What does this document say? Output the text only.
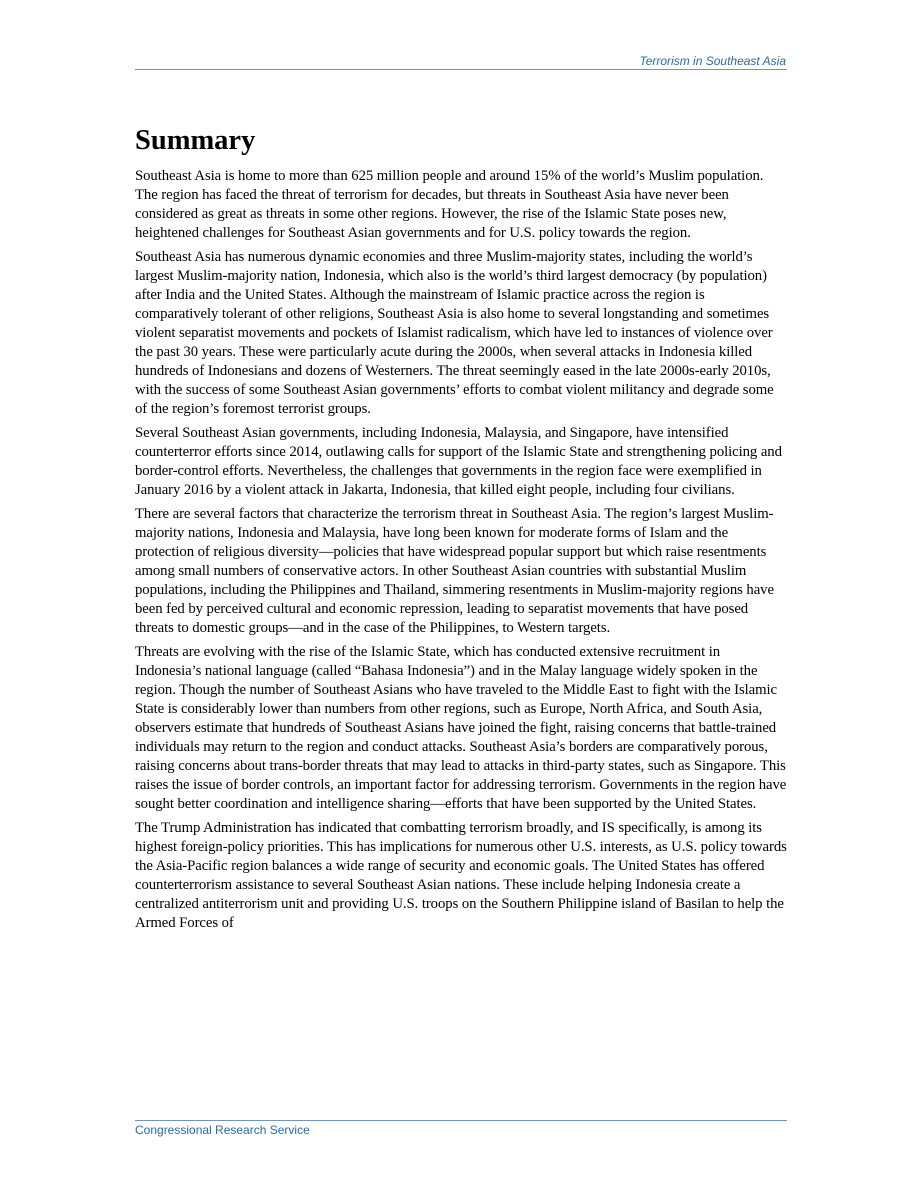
Terrorism in Southeast Asia
Summary

Southeast Asia is home to more than 625 million people and around 15% of the world’s Muslim population. The region has faced the threat of terrorism for decades, but threats in Southeast Asia have never been considered as great as threats in some other regions. However, the rise of the Islamic State poses new, heightened challenges for Southeast Asian governments and for U.S. policy towards the region.

Southeast Asia has numerous dynamic economies and three Muslim-majority states, including the world’s largest Muslim-majority nation, Indonesia, which also is the world’s third largest democracy (by population) after India and the United States. Although the mainstream of Islamic practice across the region is comparatively tolerant of other religions, Southeast Asia is also home to several longstanding and sometimes violent separatist movements and pockets of Islamist radicalism, which have led to instances of violence over the past 30 years. These were particularly acute during the 2000s, when several attacks in Indonesia killed hundreds of Indonesians and dozens of Westerners. The threat seemingly eased in the late 2000s-early 2010s, with the success of some Southeast Asian governments’ efforts to combat violent militancy and degrade some of the region’s foremost terrorist groups.

Several Southeast Asian governments, including Indonesia, Malaysia, and Singapore, have intensified counterterror efforts since 2014, outlawing calls for support of the Islamic State and strengthening policing and border-control efforts. Nevertheless, the challenges that governments in the region face were exemplified in January 2016 by a violent attack in Jakarta, Indonesia, that killed eight people, including four civilians.

There are several factors that characterize the terrorism threat in Southeast Asia. The region’s largest Muslim-majority nations, Indonesia and Malaysia, have long been known for moderate forms of Islam and the protection of religious diversity—policies that have widespread popular support but which raise resentments among small numbers of conservative actors. In other Southeast Asian countries with substantial Muslim populations, including the Philippines and Thailand, simmering resentments in Muslim-majority regions have been fed by perceived cultural and economic repression, leading to separatist movements that have posed threats to domestic groups—and in the case of the Philippines, to Western targets.

Threats are evolving with the rise of the Islamic State, which has conducted extensive recruitment in Indonesia’s national language (called “Bahasa Indonesia”) and in the Malay language widely spoken in the region. Though the number of Southeast Asians who have traveled to the Middle East to fight with the Islamic State is considerably lower than numbers from other regions, such as Europe, North Africa, and South Asia, observers estimate that hundreds of Southeast Asians have joined the fight, raising concerns that battle-trained individuals may return to the region and conduct attacks. Southeast Asia’s borders are comparatively porous, raising concerns about trans-border threats that may lead to attacks in third-party states, such as Singapore. This raises the issue of border controls, an important factor for addressing terrorism. Governments in the region have sought better coordination and intelligence sharing—efforts that have been supported by the United States.

The Trump Administration has indicated that combatting terrorism broadly, and IS specifically, is among its highest foreign-policy priorities. This has implications for numerous other U.S. interests, as U.S. policy towards the Asia-Pacific region balances a wide range of security and economic goals. The United States has offered counterterrorism assistance to several Southeast Asian nations. These include helping Indonesia create a centralized antiterrorism unit and providing U.S. troops on the Southern Philippine island of Basilan to help the Armed Forces of

Congressional Research Service
